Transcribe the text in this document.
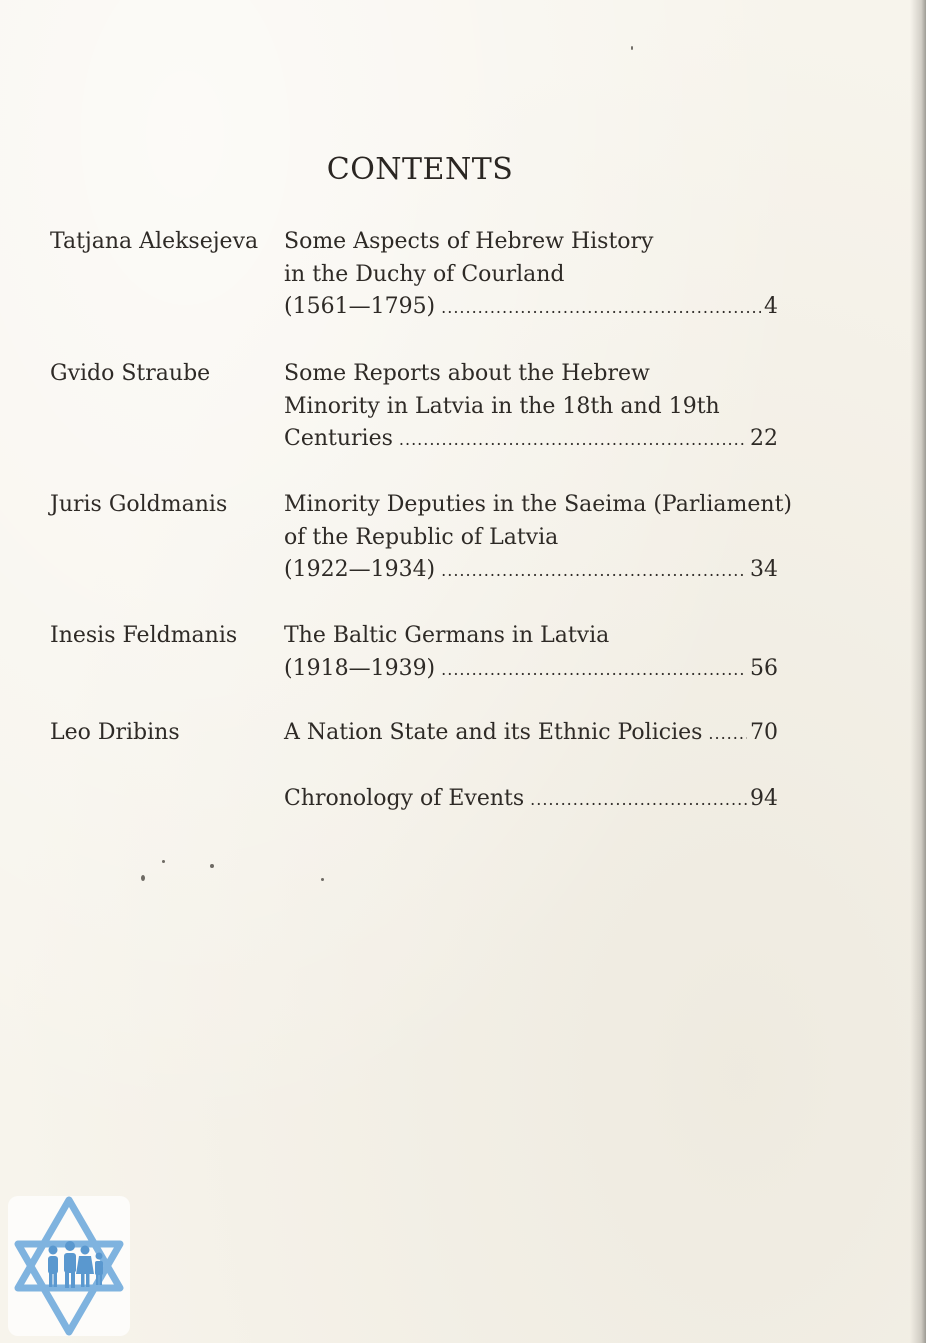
CONTENTS
Tatjana Aleksejeva	Some Aspects of Hebrew History
in the Duchy of Courland
(1561—1795) .....	4
Gvido Straube	Some Reports about the Hebrew
Minority in Latvia in the 18th and 19th
Centuries .....	22
Juris Goldmanis	Minority Deputies in the Saeima (Parliament)
of the Republic of Latvia
(1922—1934) .....	34
Inesis Feldmanis	The Baltic Germans in Latvia
(1918—1939) .....	56
Leo Dribins	A Nation State and its Ethnic Policies ..... 70
Chronology of Events .....	94
